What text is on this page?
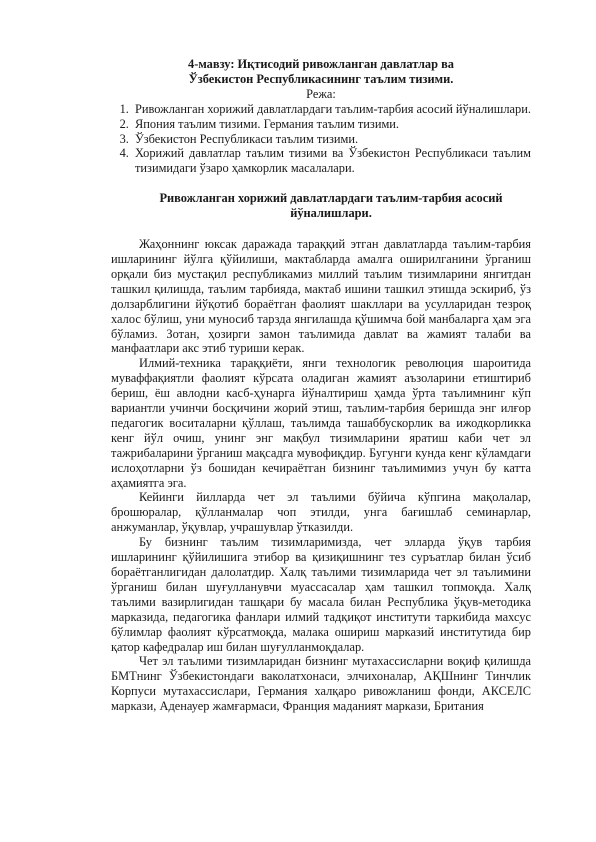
4-мавзу: Иқтисодий ривожланган давлатлар ва

Ўзбекистон Республикасининг таълим тизими.

Режа:

1. Ривожланган хорижий давлатлардаги таълим-тарбия асосий йўналишлари.
2. Япония таълим тизими. Германия таълим тизими.
3. Ўзбекистон Республикаси таълим тизими.
4. Хорижий давлатлар таълим тизими ва Ўзбекистон Республикаси таълим тизимидаги ўзаро ҳамкорлик масалалари.

Ривожланган хорижий давлатлардаги таълим-тарбия асосий йўналишлари.

Жаҳоннинг юксак даражада тараққий этган давлатларда таълим-тарбия ишларининг йўлга қўйилиши, мактабларда амалга оширилганини ўрганиш орқали биз мустақил республикамиз миллий таълим тизимларини янгитдан ташкил қилишда, таълим тарбияда, мактаб ишини ташкил этишда эскириб, ўз долзарблигини йўқотиб бораётган фаолият шакллари ва усулларидан тезроқ халос бўлиш, уни муносиб тарзда янгилашда қўшимча бой манбаларга ҳам эга бўламиз. Зотан, ҳозирги замон таълимида давлат ва жамият талаби ва манфаатлари акс этиб туриши керак.

Илмий-техника тараққиёти, янги технологик революция шароитида муваффақиятли фаолият кўрсата оладиган жамият аъзоларини етиштириб бериш, ёш авлодни касб-ҳунарга йўналтириш ҳамда ўрта таълимнинг кўп вариантли учинчи босқичини жорий этиш, таълим-тарбия беришда энг илғор педагогик воситаларни қўллаш, таълимда ташаббускорлик ва ижодкорликка кенг йўл очиш, унинг энг мақбул тизимларини яратиш каби чет эл тажрибаларини ўрганиш мақсадга мувофиқдир. Бугунги кунда кенг кўламдаги ислоҳотларни ўз бошидан кечираётган бизнинг таълимимиз учун бу катта аҳамиятга эга.

Кейинги йилларда чет эл таълими бўйича кўпгина мақолалар, брошюралар, қўлланмалар чоп этилди, унга бағишлаб семинарлар, анжуманлар, ўқувлар, учрашувлар ўтказилди.

Бу бизнинг таълим тизимларимизда, чет элларда ўқув тарбия ишларининг қўйилишига этибор ва қизиқишнинг тез суръатлар билан ўсиб бораётганлигидан далолатдир. Халқ таълими тизимларида чет эл таълимини ўрганиш билан шуғулланувчи муассасалар ҳам ташкил топмоқда. Халқ таълими вазирлигидан ташқари бу масала билан Республика ўқув-методика марказида, педагогика фанлари илмий тадқиқот институти таркибида махсус бўлимлар фаолият кўрсатмоқда, малака ошириш марказий институтида бир қатор кафедралар иш билан шуғулланмоқдалар.

Чет эл таълими тизимларидан бизнинг мутахассисларни воқиф қилишда БМТнинг Ўзбекистондаги ваколатхонаси, элчихоналар, АҚШнинг Тинчлик Корпуси мутахассислари, Германия халқаро ривожланиш фонди, АКСЕЛС маркази, Аденауер жамғармаси, Франция маданият маркази, Британия
